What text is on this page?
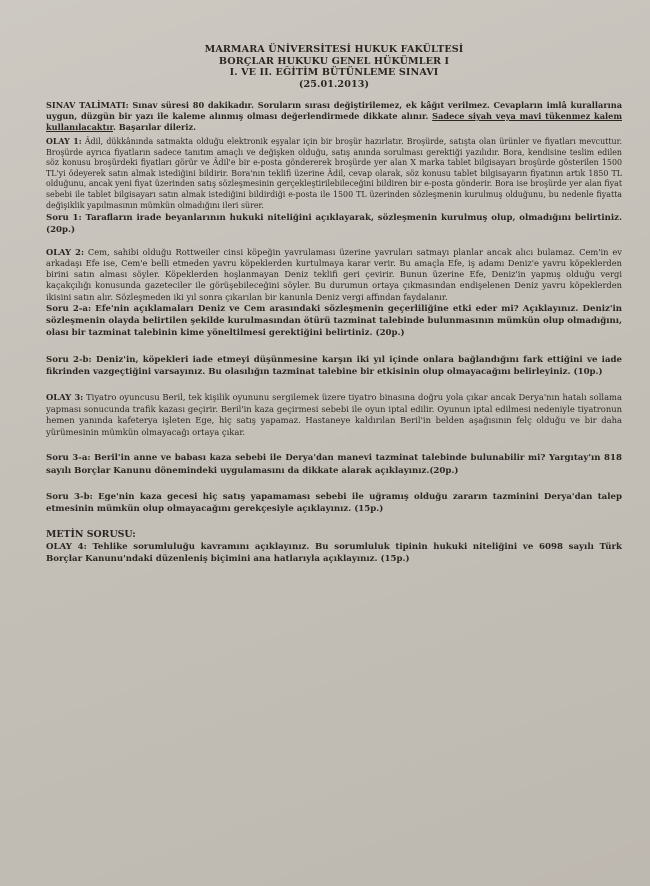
MARMARA ÜNİVERSİTESİ HUKUK FAKÜLTESİ
BORÇLAR HUKUKU GENEL HÜKÜMLER I
I. VE II. EĞİTİM BÜTÜNLEME SINAVI
(25.01.2013)

SINAV TALİMATI: Sınav süresi 80 dakikadır. Soruların sırası değiştirilemez, ek kâğıt verilmez. Cevapların imlâ kurallarına uygun, düzgün bir yazı ile kaleme alınmış olması değerlendirmede dikkate alınır. Sadece siyah veya mavi tükenmez kalem kullanılacaktır. Başarılar dileriz.

OLAY 1: Âdil, dükkânında satmakta olduğu elektronik eşyalar için bir broşür hazırlatır. Broşürde, satışta olan ürünler ve fiyatları mevcuttur. Broşürde ayrıca fiyatların sadece tanıtım amaçlı ve değişken olduğu, satış anında sorulması gerektiği yazılıdır. Bora, kendisine teslim edilen söz konusu broşürdeki fiyatları görür ve Âdil'e bir e-posta göndererek broşürde yer alan X marka tablet bilgisayarı broşürde gösterilen 1500 TL'yi ödeyerek satın almak istediğini bildirir. Bora'nın teklifi üzerine Âdil, cevap olarak, söz konusu tablet bilgisayarın fiyatının artık 1850 TL olduğunu, ancak yeni fiyat üzerinden satış sözleşmesinin gerçekleştirilebileceğini bildiren bir e-posta gönderir. Bora ise broşürde yer alan fiyat sebebi ile tablet bilgisayarı satın almak istediğini bildirdiği e-posta ile 1500 TL üzerinden sözleşmenin kurulmuş olduğunu, bu nedenle fiyatta değişiklik yapılmasının mümkün olmadığını ileri sürer.

Soru 1: Tarafların irade beyanlarının hukuki niteliğini açıklayarak, sözleşmenin kurulmuş olup, olmadığını belirtiniz. (20p.)

OLAY 2: Cem, sahibi olduğu Rottweiler cinsi köpeğin yavrulaması üzerine yavruları satmayı planlar ancak alıcı bulamaz. Cem'in ev arkadaşı Efe ise, Cem'e belli etmeden yavru köpeklerden kurtulmaya karar verir. Bu amaçla Efe, iş adamı Deniz'e yavru köpeklerden birini satın alması söyler. Köpeklerden hoşlanmayan Deniz teklifi geri çevirir. Bunun üzerine Efe, Deniz'in yapmış olduğu vergi kaçakçılığı konusunda gazeteciler ile görüşebileceğini söyler. Bu durumun ortaya çıkmasından endişelenen Deniz yavru köpeklerden ikisini satın alır. Sözleşmeden iki yıl sonra çıkarılan bir kanunla Deniz vergi affından faydalanır.

Soru 2-a: Efe'nin açıklamaları Deniz ve Cem arasındaki sözleşmenin geçerliliğine etki eder mi? Açıklayınız. Deniz'in sözleşmenin olayda belirtilen şekilde kurulmasından ötürü tazminat talebinde bulunmasının mümkün olup olmadığını, olası bir tazminat talebinin kime yöneltilmesi gerektiğini belirtiniz. (20p.)

Soru 2-b: Deniz'in, köpekleri iade etmeyi düşünmesine karşın iki yıl içinde onlara bağlandığını fark ettiğini ve iade fikrinden vazgeçtiğini varsayınız. Bu olasılığın tazminat talebine bir etkisinin olup olmayacağını belirleyiniz. (10p.)

OLAY 3: Tiyatro oyuncusu Beril, tek kişilik oyununu sergilemek üzere tiyatro binasına doğru yola çıkar ancak Derya'nın hatalı sollama yapması sonucunda trafik kazası geçirir. Beril'in kaza geçirmesi sebebi ile oyun iptal edilir. Oyunun iptal edilmesi nedeniyle tiyatronun hemen yanında kafeterya işleten Ege, hiç satış yapamaz. Hastaneye kaldırılan Beril'in belden aşağısının felç olduğu ve bir daha yürümesinin mümkün olmayacağı ortaya çıkar.

Soru 3-a: Beril'in anne ve babası kaza sebebi ile Derya'dan manevi tazminat talebinde bulunabilir mi? Yargıtay'ın 818 sayılı Borçlar Kanunu dönemindeki uygulamasını da dikkate alarak açıklayınız.(20p.)

Soru 3-b: Ege'nin kaza gecesi hiç satış yapamaması sebebi ile uğramış olduğu zararın tazminini Derya'dan talep etmesinin mümkün olup olmayacağını gerekçesiyle açıklayınız. (15p.)

METİN SORUSU:

OLAY 4: Tehlike sorumluluğu kavramını açıklayınız. Bu sorumluluk tipinin hukuki niteliğini ve 6098 sayılı Türk Borçlar Kanunu'ndaki düzenleniş biçimini ana hatlarıyla açıklayınız. (15p.)
